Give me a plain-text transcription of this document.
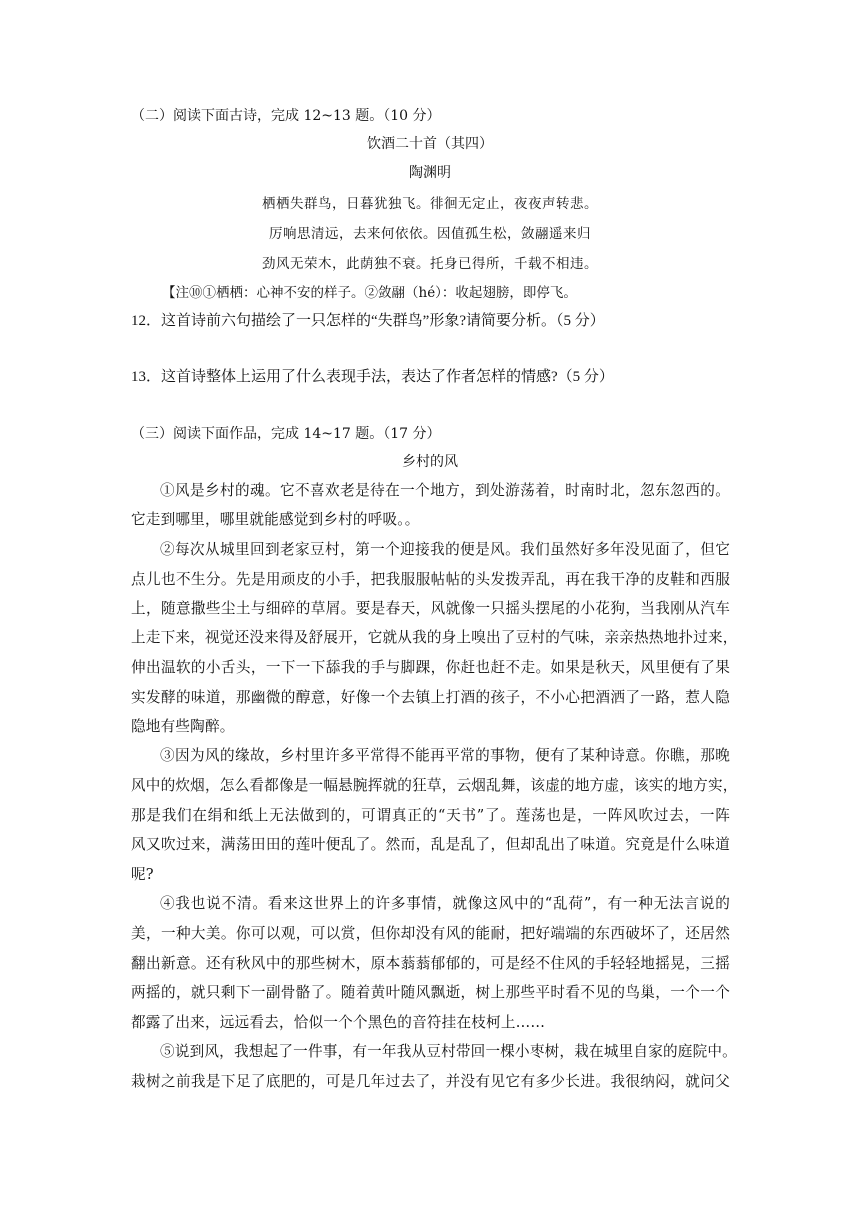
（二）阅读下面古诗，完成 12~13 题。（10 分）
饮酒二十首（其四）
陶渊明
栖栖失群鸟，日暮犹独飞。徘徊无定止，夜夜声转悲。
厉响思清远，去来何依依。因值孤生松，敛翮遥来归
劲风无荣木，此荫独不衰。托身已得所，千载不相违。
【注⑩①栖栖：心神不安的样子。②敛翮（hé）：收起翅膀，即停飞。
12．这首诗前六句描绘了一只怎样的“失群鸟”形象?请简要分析。（5 分）
13．这首诗整体上运用了什么表现手法，表达了作者怎样的情感?（5 分）
（三）阅读下面作品，完成 14~17 题。（17 分）
乡村的风
①风是乡村的魂。它不喜欢老是待在一个地方，到处游荡着，时南时北，忽东忽西的。
它走到哪里，哪里就能感觉到乡村的呼吸。。
②每次从城里回到老家豆村，第一个迎接我的便是风。我们虽然好多年没见面了，但它
点儿也不生分。先是用顽皮的小手，把我服服帖帖的头发拨弄乱，再在我干净的皮鞋和西服
上，随意撒些尘土与细碎的草屑。要是春天，风就像一只摇头摆尾的小花狗，当我刚从汽车
上走下来，视觉还没来得及舒展开，它就从我的身上嗅出了豆村的气味，亲亲热热地扑过来，
伸出温软的小舌头，一下一下舔我的手与脚踝，你赶也赶不走。如果是秋天，风里便有了果
实发酵的味道，那幽微的醇意，好像一个去镇上打酒的孩子，不小心把酒洒了一路，惹人隐
隐地有些陶醉。
③因为风的缘故，乡村里许多平常得不能再平常的事物，便有了某种诗意。你瞧，那晚
风中的炊烟，怎么看都像是一幅悬腕挥就的狂草，云烟乱舞，该虚的地方虚，该实的地方实，
那是我们在绢和纸上无法做到的，可谓真正的“天书”了。莲荡也是，一阵风吹过去，一阵
风又吹过来，满荡田田的莲叶便乱了。然而，乱是乱了，但却乱出了味道。究竟是什么味道
呢?
④我也说不清。看来这世界上的许多事情，就像这风中的“乱荷”，有一种无法言说的
美，一种大美。你可以观，可以赏，但你却没有风的能耐，把好端端的东西破坏了，还居然
翻出新意。还有秋风中的那些树木，原本蓊蓊郁郁的，可是经不住风的手轻轻地摇晃，三摇
两摇的，就只剩下一副骨骼了。随着黄叶随风飘逝，树上那些平时看不见的鸟巢，一个一个
都露了出来，远远看去，恰似一个个黑色的音符挂在枝柯上……
⑤说到风，我想起了一件事，有一年我从豆村带回一棵小枣树，栽在城里自家的庭院中。
栽树之前我是下足了底肥的，可是几年过去了，并没有见它有多少长进。我很纳闷，就问父
